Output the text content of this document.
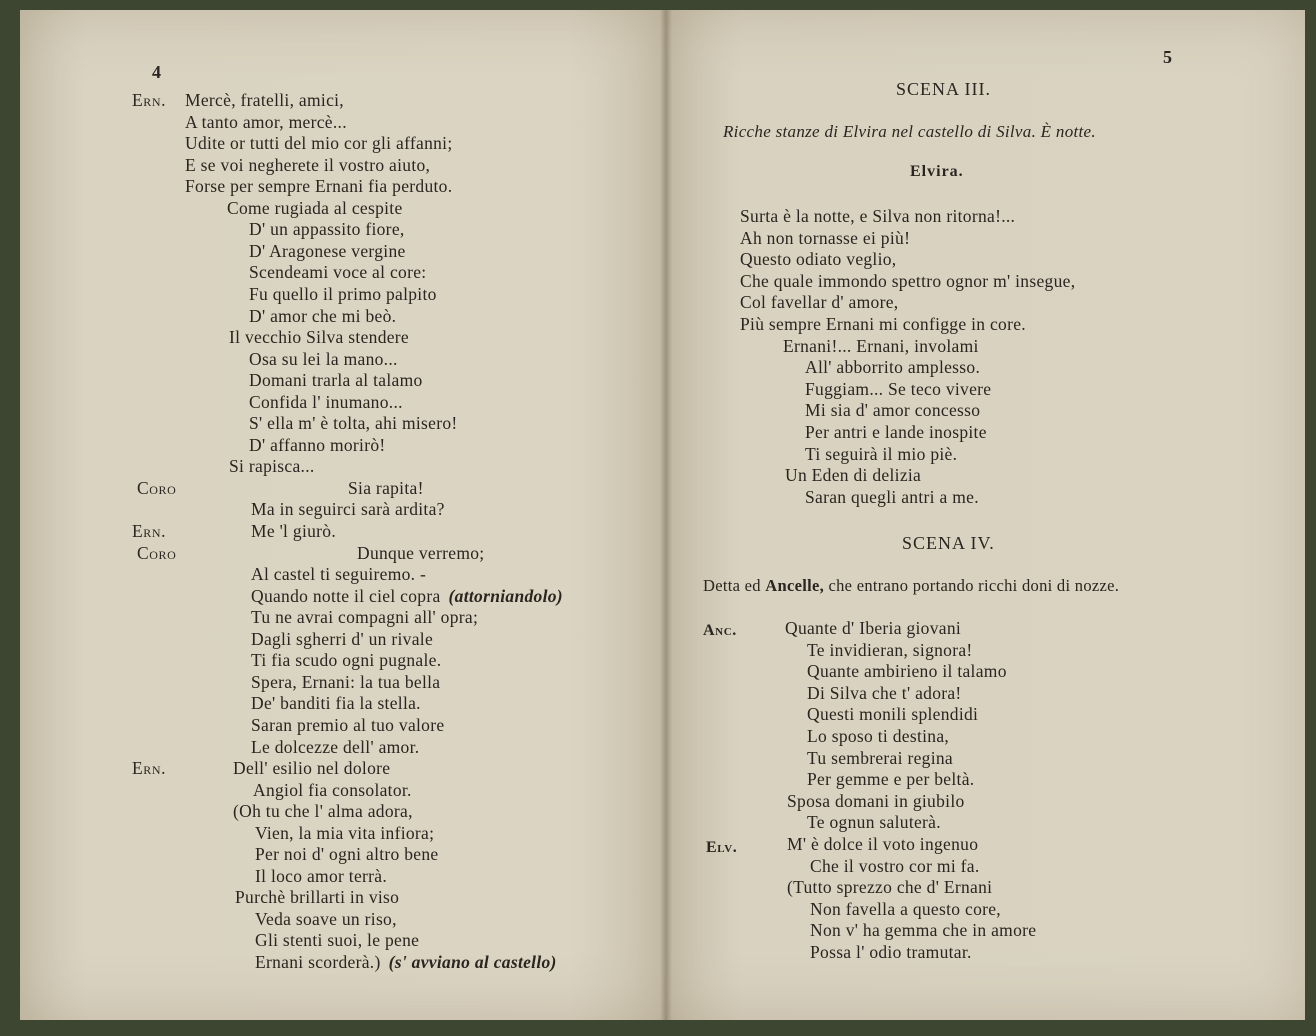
4
Ern. Mercè, fratelli, amici,
A tanto amor, mercè...
Udite or tutti del mio cor gli affanni;
E se voi negherete il vostro aiuto,
Forse per sempre Ernani fia perduto.
Come rugiada al cespite
D' un appassito fiore,
D' Aragonese vergine
Scendeami voce al core:
Fu quello il primo palpito
D' amor che mi beò.
Il vecchio Silva stendere
Osa su lei la mano...
Domani trarla al talamo
Confida l' inumano...
S' ella m' è tolta, ahi misero!
D' affanno morirò!
Si rapisca...
Coro	Sia rapita!
Ma in seguirci sarà ardita?
Ern.	Me 'l giurò.
Coro	Dunque verremo;
Al castel ti seguiremo. -
Quando notte il ciel copra (attorniandolo)
Tu ne avrai compagni all' opra;
Dagli sgherri d' un rivale
Ti fia scudo ogni pugnale.
Spera, Ernani: la tua bella
De' banditi fia la stella.
Saran premio al tuo valore
Le dolcezze dell' amor.
Ern.	Dell' esilio nel dolore
Angiol fia consolator.
(Oh tu che l' alma adora,
Vien, la mia vita infiora;
Per noi d' ogni altro bene
Il loco amor terrà.
Purchè brillarti in viso
Veda soave un riso,
Gli stenti suoi, le pene
Ernani scorderà.) (s' avviano al castello)
5
SCENA III.
Ricche stanze di Elvira nel castello di Silva. È notte.
Elvira.
Surta è la notte, e Silva non ritorna!...
Ah non tornasse ei più!
Questo odiato veglio,
Che quale immondo spettro ognor m' insegue,
Col favellar d' amore,
Più sempre Ernani mi configge in core.
Ernani!... Ernani, involami
All' abborrito amplesso.
Fuggiam... Se teco vivere
Mi sia d' amor concesso
Per antri e lande inospite
Ti seguirà il mio piè.
Un Eden di delizia
Saran quegli antri a me.
SCENA IV.
Detta ed Ancelle, che entrano portando ricchi doni di nozze.
Anc.	Quante d' Iberia giovani
Te invidieran, signora!
Quante ambirieno il talamo
Di Silva che t' adora!
Questi monili splendidi
Lo sposo ti destina,
Tu sembrerai regina
Per gemme e per beltà.
Sposa domani in giubilo
Te ognun saluterà.
Elv.	M' è dolce il voto ingenuo
Che il vostro cor mi fa.
(Tutto sprezzo che d' Ernani
Non favella a questo core,
Non v' ha gemma che in amore
Possa l' odio tramutar.
